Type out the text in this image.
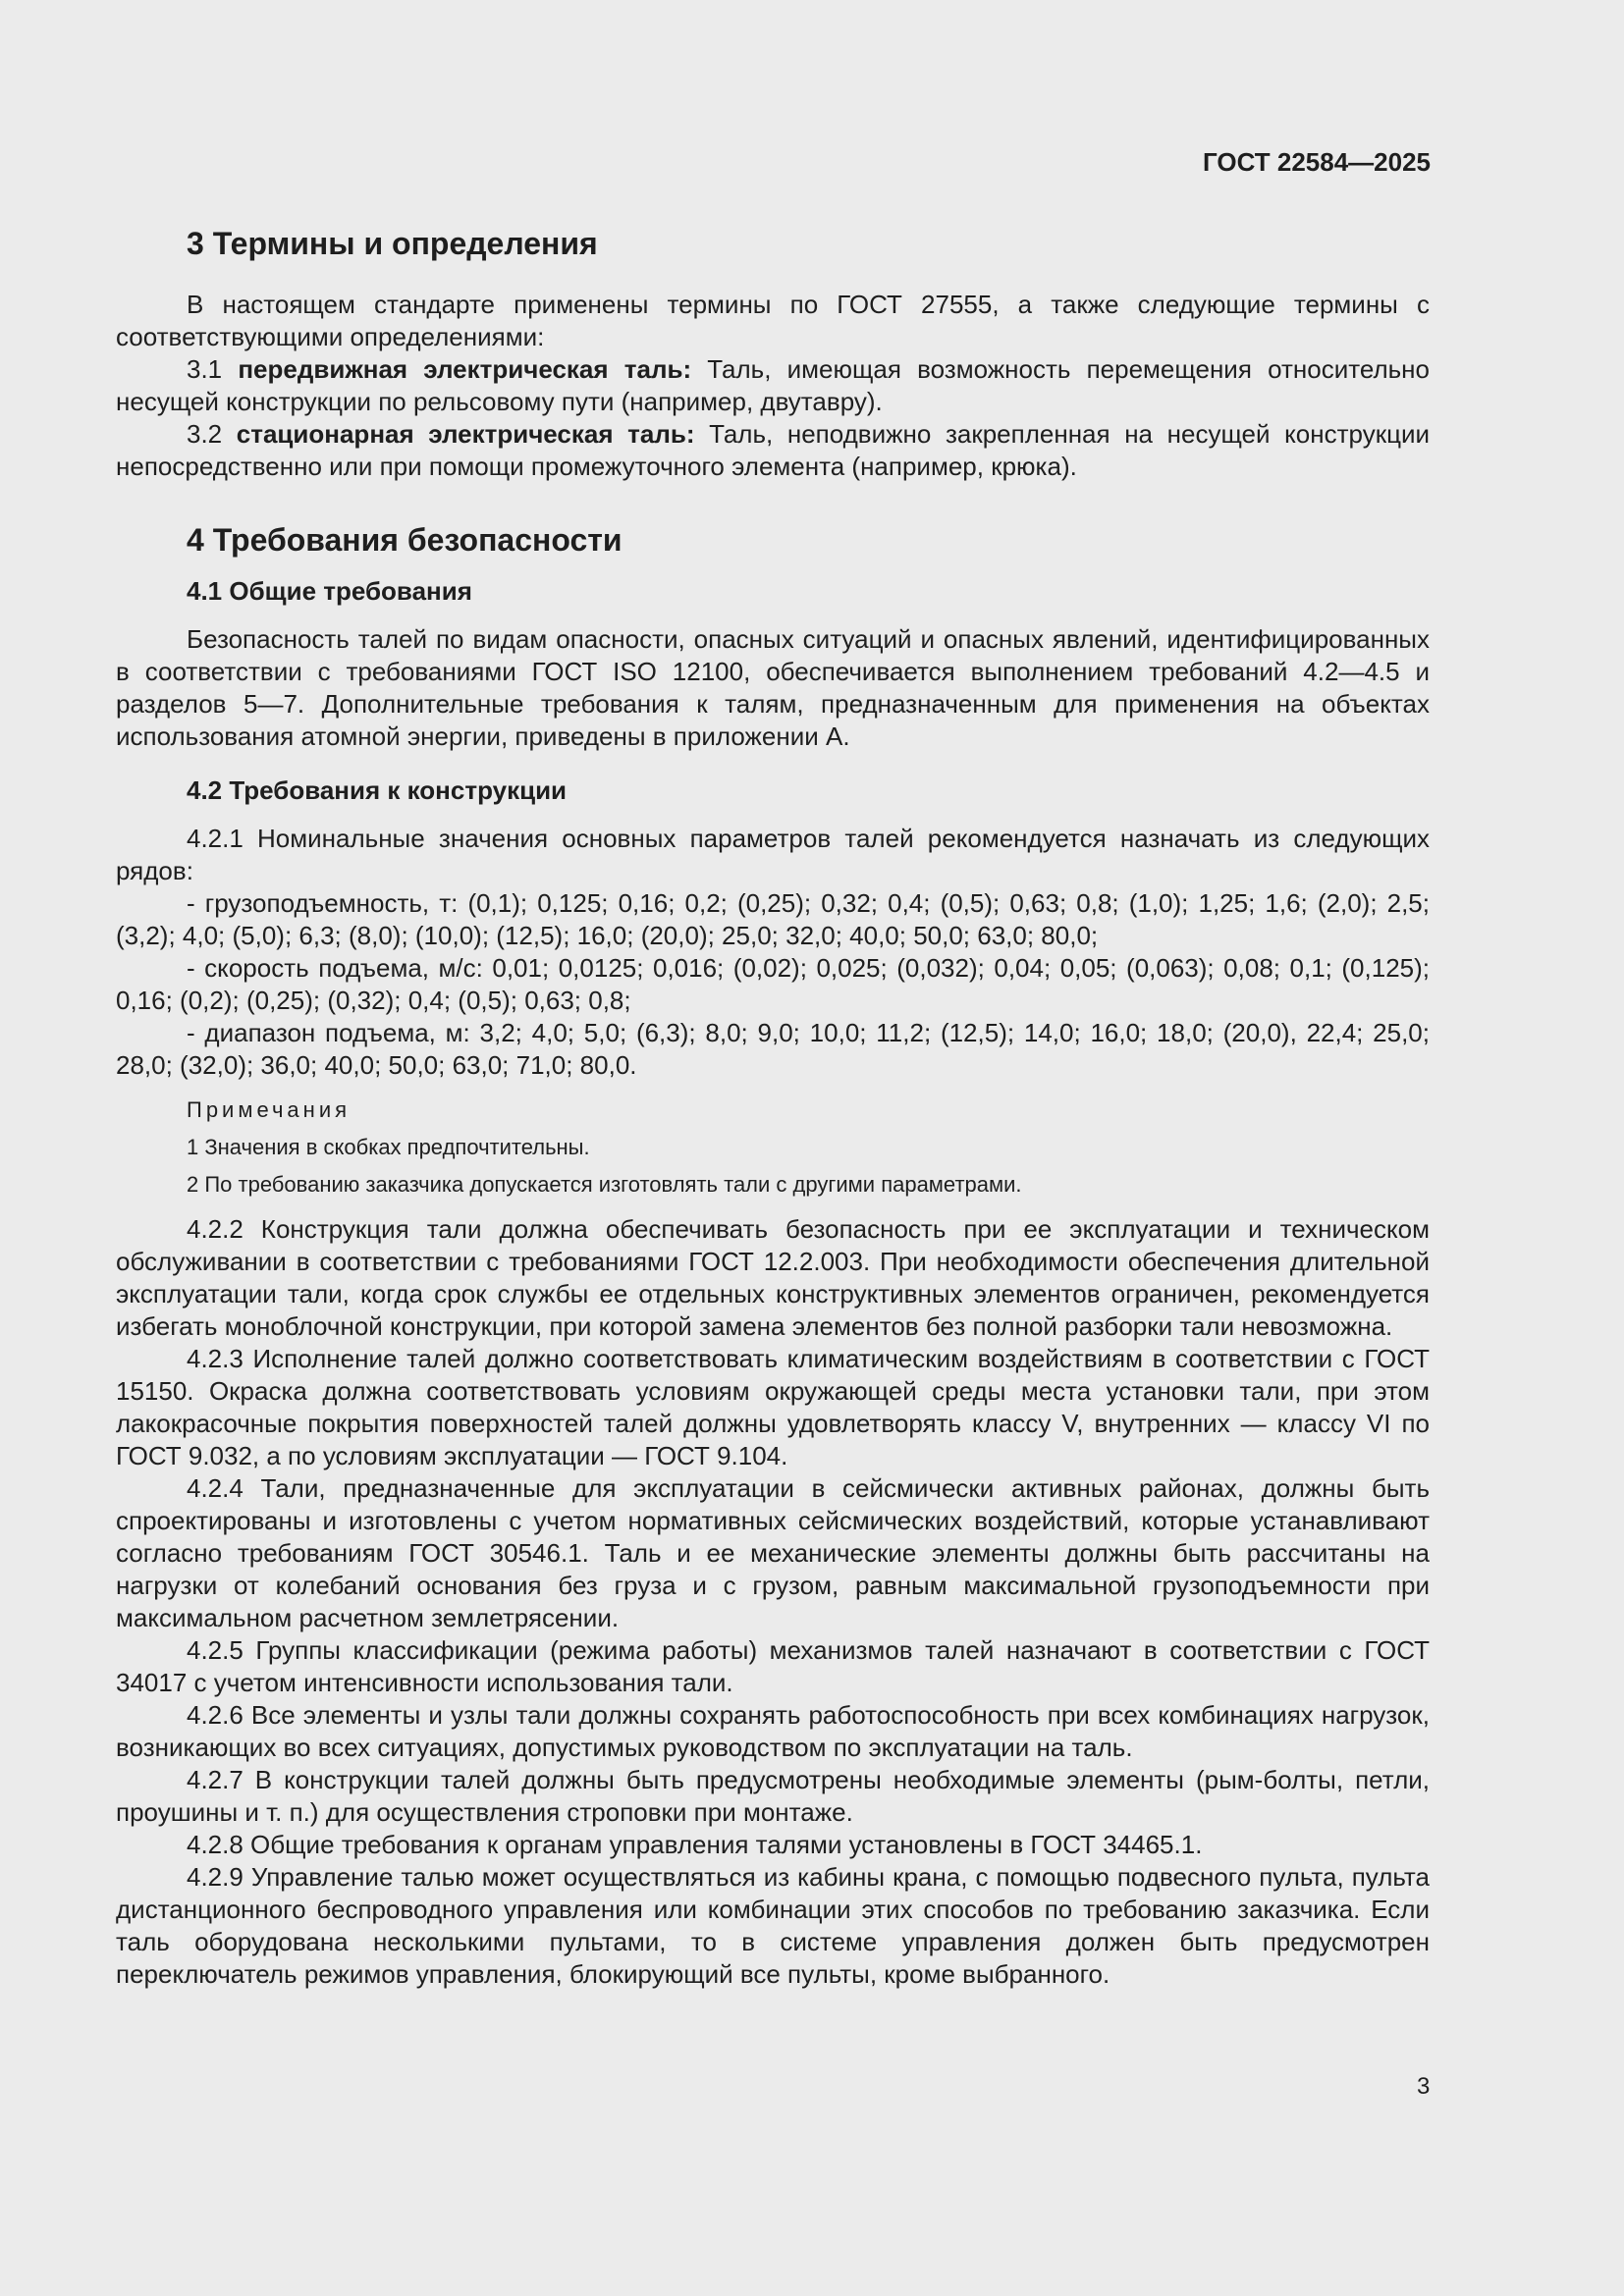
ГОСТ 22584—2025
3 Термины и определения

В настоящем стандарте применены термины по ГОСТ 27555, а также следующие термины с соответствующими определениями:

3.1 передвижная электрическая таль: Таль, имеющая возможность перемещения относительно несущей конструкции по рельсовому пути (например, двутавру).

3.2 стационарная электрическая таль: Таль, неподвижно закрепленная на несущей конструкции непосредственно или при помощи промежуточного элемента (например, крюка).

4 Требования безопасности
4.1 Общие требования

Безопасность талей по видам опасности, опасных ситуаций и опасных явлений, идентифицированных в соответствии с требованиями ГОСТ ISO 12100, обеспечивается выполнением требований 4.2—4.5 и разделов 5—7. Дополнительные требования к талям, предназначенным для применения на объектах использования атомной энергии, приведены в приложении А.

4.2 Требования к конструкции

4.2.1 Номинальные значения основных параметров талей рекомендуется назначать из следующих рядов:

- грузоподъемность, т: (0,1); 0,125; 0,16; 0,2; (0,25); 0,32; 0,4; (0,5); 0,63; 0,8; (1,0); 1,25; 1,6; (2,0); 2,5; (3,2); 4,0; (5,0); 6,3; (8,0); (10,0); (12,5); 16,0; (20,0); 25,0; 32,0; 40,0; 50,0; 63,0; 80,0;

- скорость подъема, м/с: 0,01; 0,0125; 0,016; (0,02); 0,025; (0,032); 0,04; 0,05; (0,063); 0,08; 0,1; (0,125); 0,16; (0,2); (0,25); (0,32); 0,4; (0,5); 0,63; 0,8;

- диапазон подъема, м: 3,2; 4,0; 5,0; (6,3); 8,0; 9,0; 10,0; 11,2; (12,5); 14,0; 16,0; 18,0; (20,0), 22,4; 25,0; 28,0; (32,0); 36,0; 40,0; 50,0; 63,0; 71,0; 80,0.

Примечания

1 Значения в скобках предпочтительны.

2 По требованию заказчика допускается изготовлять тали с другими параметрами.

4.2.2 Конструкция тали должна обеспечивать безопасность при ее эксплуатации и техническом обслуживании в соответствии с требованиями ГОСТ 12.2.003. При необходимости обеспечения длительной эксплуатации тали, когда срок службы ее отдельных конструктивных элементов ограничен, рекомендуется избегать моноблочной конструкции, при которой замена элементов без полной разборки тали невозможна.

4.2.3 Исполнение талей должно соответствовать климатическим воздействиям в соответствии с ГОСТ 15150. Окраска должна соответствовать условиям окружающей среды места установки тали, при этом лакокрасочные покрытия поверхностей талей должны удовлетворять классу V, внутренних — классу VI по ГОСТ 9.032, а по условиям эксплуатации — ГОСТ 9.104.

4.2.4 Тали, предназначенные для эксплуатации в сейсмически активных районах, должны быть спроектированы и изготовлены с учетом нормативных сейсмических воздействий, которые устанавливают согласно требованиям ГОСТ 30546.1. Таль и ее механические элементы должны быть рассчитаны на нагрузки от колебаний основания без груза и с грузом, равным максимальной грузоподъемности при максимальном расчетном землетрясении.

4.2.5 Группы классификации (режима работы) механизмов талей назначают в соответствии с ГОСТ 34017 с учетом интенсивности использования тали.

4.2.6 Все элементы и узлы тали должны сохранять работоспособность при всех комбинациях нагрузок, возникающих во всех ситуациях, допустимых руководством по эксплуатации на таль.

4.2.7 В конструкции талей должны быть предусмотрены необходимые элементы (рым-болты, петли, проушины и т. п.) для осуществления строповки при монтаже.

4.2.8 Общие требования к органам управления талями установлены в ГОСТ 34465.1.

4.2.9 Управление талью может осуществляться из кабины крана, с помощью подвесного пульта, пульта дистанционного беспроводного управления или комбинации этих способов по требованию заказчика. Если таль оборудована несколькими пультами, то в системе управления должен быть предусмотрен переключатель режимов управления, блокирующий все пульты, кроме выбранного.

3
